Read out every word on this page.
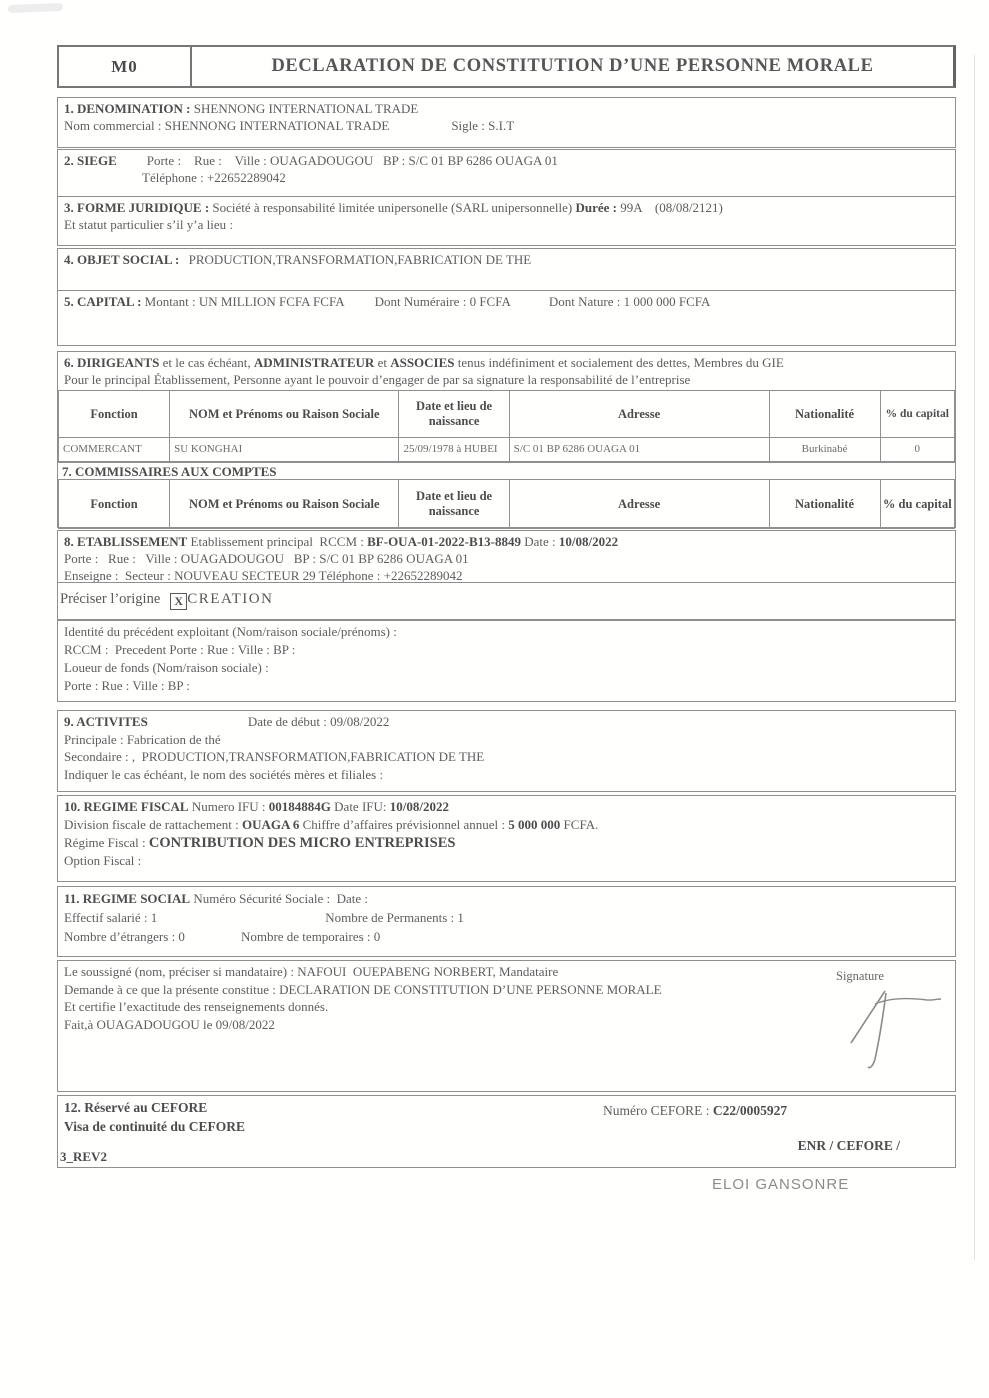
M0	DECLARATION DE CONSTITUTION D’UNE PERSONNE MORALE
1. DENOMINATION : SHENNONG INTERNATIONAL TRADE
Nom commercial : SHENNONG INTERNATIONAL TRADE	Sigle : S.I.T
2. SIEGE Porte :    Rue :    Ville : OUAGADOUGOU   BP : S/C 01 BP 6286 OUAGA 01
Téléphone : +22652289042
3. FORME JURIDIQUE : Société à responsabilité limitée unipersonelle (SARL unipersonnelle) Durée : 99A    (08/08/2121)
Et statut particulier s’il y’a lieu :
4. OBJET SOCIAL : PRODUCTION,TRANSFORMATION,FABRICATION DE THE
5. CAPITAL : Montant : UN MILLION FCFA FCFA Dont Numéraire : 0 FCFA	Dont Nature : 1 000 000 FCFA
6. DIRIGEANTS et le cas échéant, ADMINISTRATEUR et ASSOCIES tenus indéfiniment et socialement des dettes, Membres du GIE
Pour le principal Établissement, Personne ayant le pouvoir d’engager de par sa signature la responsabilité de l’entreprise
Fonction	NOM et Prénoms ou Raison Sociale	Date et lieu de naissance	Adresse	Nationalité	% du capital
COMMERCANT	SU KONGHAI	25/09/1978 à HUBEI	S/C 01 BP 6286 OUAGA 01	Burkinabé	0
7. COMMISSAIRES AUX COMPTES
Fonction	NOM et Prénoms ou Raison Sociale	Date et lieu de naissance	Adresse	Nationalité	% du capital
8. ETABLISSEMENT Etablissement principal  RCCM : BF-OUA-01-2022-B13-8849 Date : 10/08/2022
Porte :   Rue :   Ville : OUAGADOUGOU   BP : S/C 01 BP 6286 OUAGA 01
Enseigne :  Secteur : NOUVEAU SECTEUR 29 Téléphone : +22652289042
Préciser l’origine X CREATION
Identité du précédent exploitant (Nom/raison sociale/prénoms) :
RCCM :  Precedent Porte : Rue : Ville : BP :
Loueur de fonds (Nom/raison sociale) :
Porte : Rue : Ville : BP :
9. ACTIVITES	Date de début : 09/08/2022
Principale : Fabrication de thé
Secondaire : ,  PRODUCTION,TRANSFORMATION,FABRICATION DE THE
Indiquer le cas échéant, le nom des sociétés mères et filiales :
10. REGIME FISCAL Numero IFU : 00184884G Date IFU: 10/08/2022
Division fiscale de rattachement : OUAGA 6 Chiffre d’affaires prévisionnel annuel : 5 000 000 FCFA.
Régime Fiscal : CONTRIBUTION DES MICRO ENTREPRISES
Option Fiscal :
11. REGIME SOCIAL Numéro Sécurité Sociale :  Date :
Effectif salarié : 1	Nombre de Permanents : 1
Nombre d’étrangers : 0	Nombre de temporaires : 0
Le soussigné (nom, préciser si mandataire) : NAFOUI  OUEPABENG NORBERT, Mandataire
Demande à ce que la présente constitue : DECLARATION DE CONSTITUTION D’UNE PERSONNE MORALE
Et certifie l’exactitude des renseignements donnés.
Fait,à OUAGADOUGOU le 09/08/2022
Signature
12. Réservé au CEFORE
Visa de continuité du CEFORE
Numéro CEFORE : C22/0005927
ENR / CEFORE /
3_REV2
ELOI GANSONRE
